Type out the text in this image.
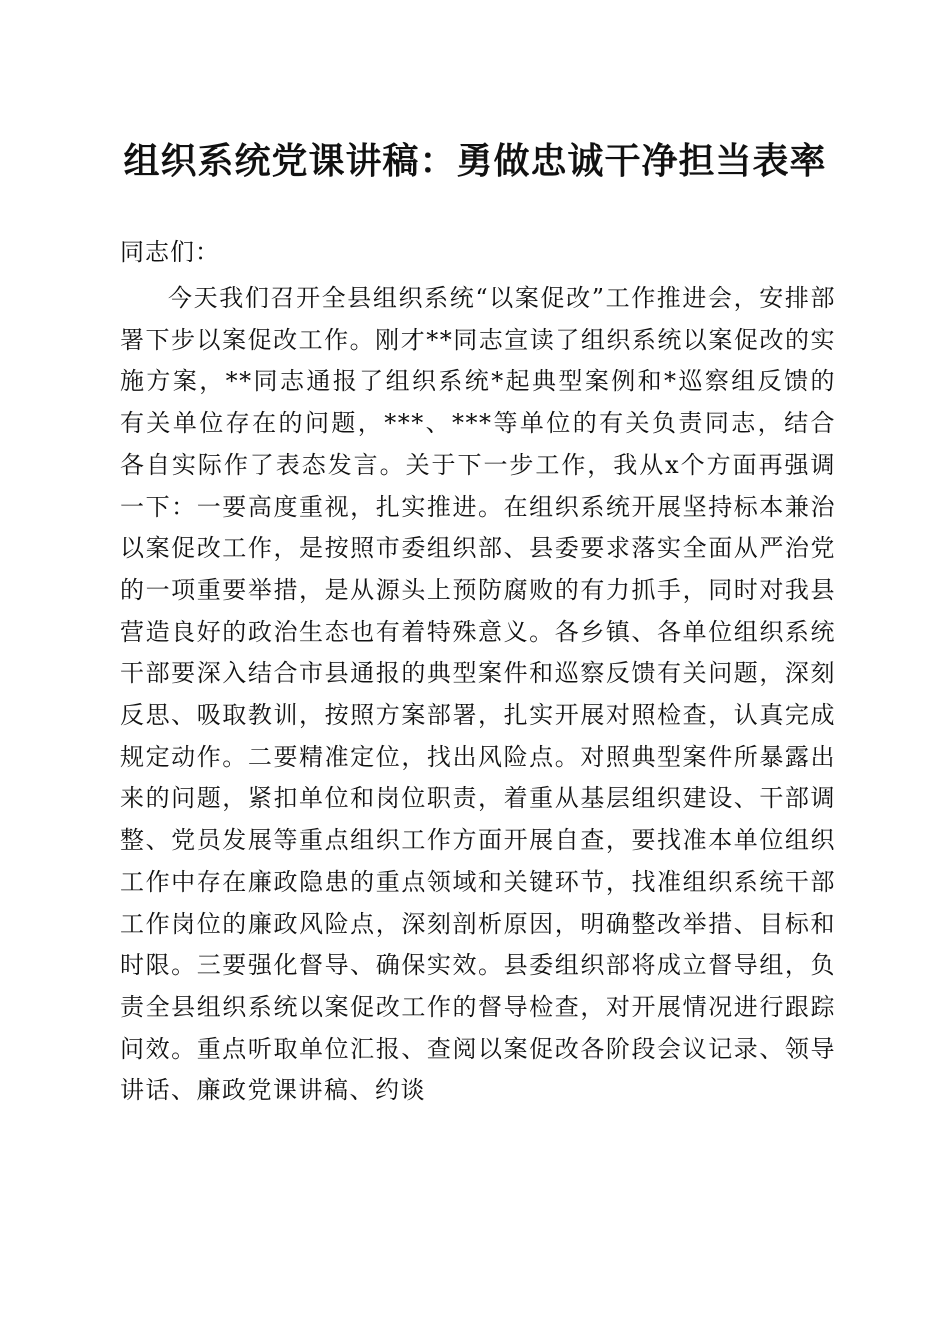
组织系统党课讲稿：勇做忠诚干净担当表率

同志们：

今天我们召开全县组织系统“以案促改”工作推进会，安排部署下步以案促改工作。刚才**同志宣读了组织系统以案促改的实施方案，**同志通报了组织系统*起典型案例和*巡察组反馈的有关单位存在的问题，***、***等单位的有关负责同志，结合各自实际作了表态发言。关于下一步工作，我从x个方面再强调一下：一要高度重视，扎实推进。在组织系统开展坚持标本兼治以案促改工作，是按照市委组织部、县委要求落实全面从严治党的一项重要举措，是从源头上预防腐败的有力抓手，同时对我县营造良好的政治生态也有着特殊意义。各乡镇、各单位组织系统干部要深入结合市县通报的典型案件和巡察反馈有关问题，深刻反思、吸取教训，按照方案部署，扎实开展对照检查，认真完成规定动作。二要精准定位，找出风险点。对照典型案件所暴露出来的问题，紧扣单位和岗位职责，着重从基层组织建设、干部调整、党员发展等重点组织工作方面开展自查，要找准本单位组织工作中存在廉政隐患的重点领域和关键环节，找准组织系统干部工作岗位的廉政风险点，深刻剖析原因，明确整改举措、目标和时限。三要强化督导、确保实效。县委组织部将成立督导组，负责全县组织系统以案促改工作的督导检查，对开展情况进行跟踪问效。重点听取单位汇报、查阅以案促改各阶段会议记录、领导讲话、廉政党课讲稿、约谈
